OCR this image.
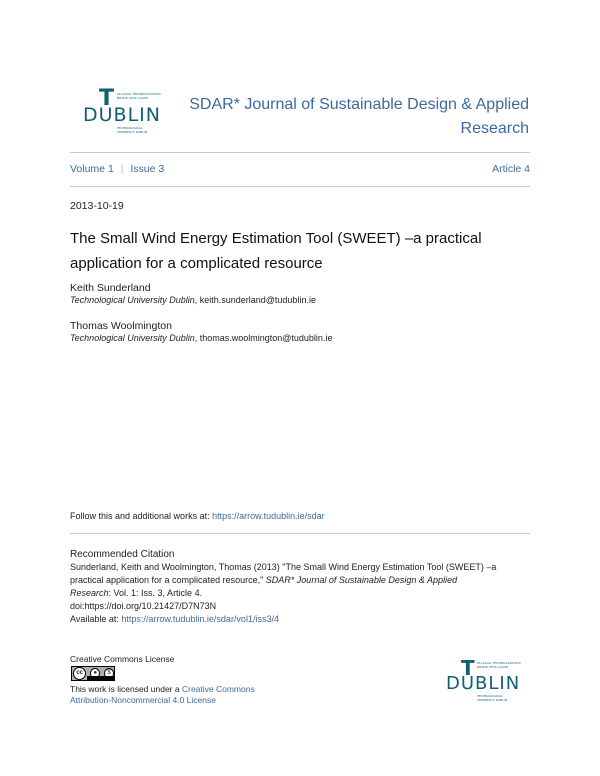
T
DUBLIN
OLLSCOIL TEICNEOLAÍOCHTA BHAILE ÁTHA CLIATH
TECHNOLOGICAL UNIVERSITY DUBLIN
SDAR* Journal of Sustainable Design & Applied
Research
Volume 1 | Issue 3	Article 4
2013-10-19
The Small Wind Energy Estimation Tool (SWEET) –a practical
application for a complicated resource
Keith Sunderland
Technological University Dublin, keith.sunderland@tudublin.ie
Thomas Woolmington
Technological University Dublin, thomas.woolmington@tudublin.ie
Follow this and additional works at: https://arrow.tudublin.ie/sdar
Recommended Citation
Sunderland, Keith and Woolmington, Thomas (2013) "The Small Wind Energy Estimation Tool (SWEET) –a
practical application for a complicated resource," SDAR* Journal of Sustainable Design & Applied
Research: Vol. 1: Iss. 3, Article 4.
doi:https://doi.org/10.21427/D7N73N
Available at: https://arrow.tudublin.ie/sdar/vol1/iss3/4
Creative Commons License
cc	●	$
This work is licensed under a Creative Commons
Attribution-Noncommercial 4.0 License
T
DUBLIN
OLLSCOIL TEICNEOLAÍOCHTA BHAILE ÁTHA CLIATH
TECHNOLOGICAL UNIVERSITY DUBLIN
